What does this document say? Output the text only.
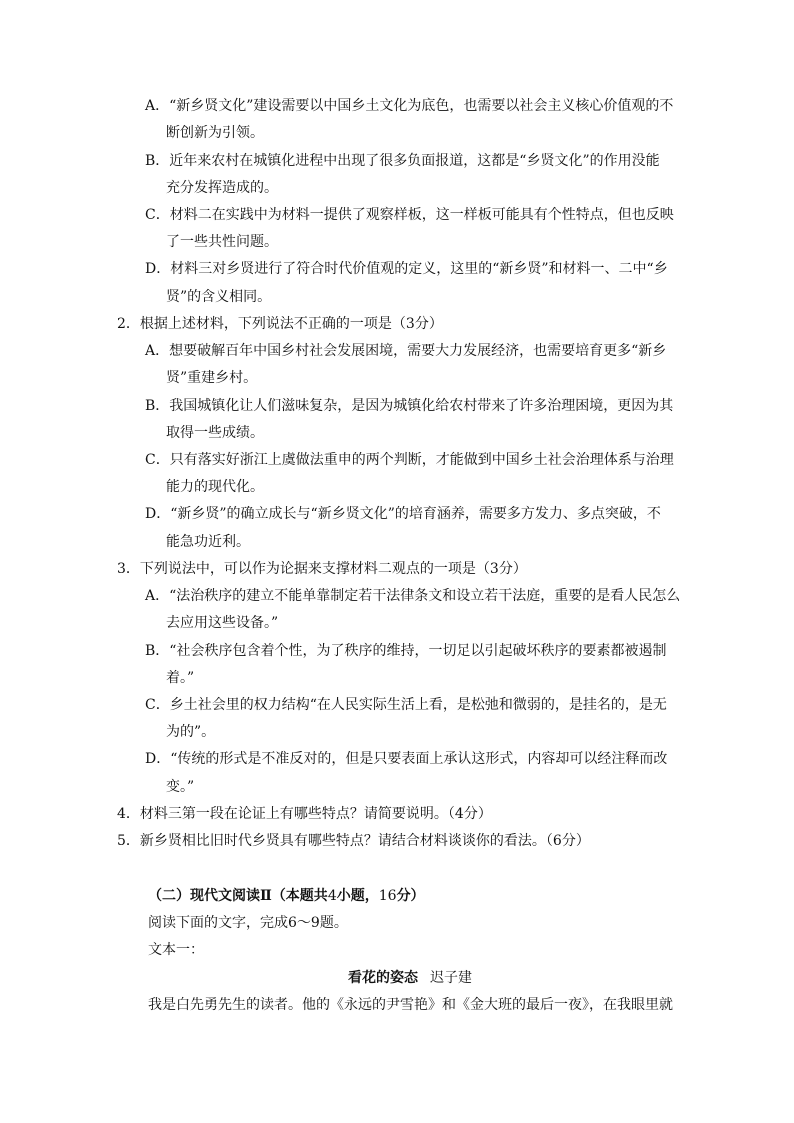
A．“新乡贤文化”建设需要以中国乡土文化为底色，也需要以社会主义核心价值观的不
断创新为引领。
B．近年来农村在城镇化进程中出现了很多负面报道，这都是“乡贤文化”的作用没能
充分发挥造成的。
C．材料二在实践中为材料一提供了观察样板，这一样板可能具有个性特点，但也反映
了一些共性问题。
D．材料三对乡贤进行了符合时代价值观的定义，这里的“新乡贤”和材料一、二中“乡
贤”的含义相同。
2．根据上述材料，下列说法不正确的一项是（3分）
A．想要破解百年中国乡村社会发展困境，需要大力发展经济，也需要培育更多“新乡
贤”重建乡村。
B．我国城镇化让人们滋味复杂，是因为城镇化给农村带来了许多治理困境，更因为其
取得一些成绩。
C．只有落实好浙江上虞做法重申的两个判断，才能做到中国乡土社会治理体系与治理
能力的现代化。
D．“新乡贤”的确立成长与“新乡贤文化”的培育涵养，需要多方发力、多点突破，不
能急功近利。
3．下列说法中，可以作为论据来支撑材料二观点的一项是（3分）
A．“法治秩序的建立不能单靠制定若干法律条文和设立若干法庭，重要的是看人民怎么
去应用这些设备。”
B．“社会秩序包含着个性，为了秩序的维持，一切足以引起破坏秩序的要素都被遏制
着。”
C．乡土社会里的权力结构“在人民实际生活上看，是松弛和微弱的，是挂名的，是无
为的”。
D．“传统的形式是不准反对的，但是只要表面上承认这形式，内容却可以经注释而改
变。”
4．材料三第一段在论证上有哪些特点？请简要说明。（4分）
5．新乡贤相比旧时代乡贤具有哪些特点？请结合材料谈谈你的看法。（6分）
阅读下面的文字，完成6～9题。
文本一：
我是白先勇先生的读者。他的《永远的尹雪艳》和《金大班的最后一夜》，在我眼里就
（二）现代文阅读Ⅱ（本题共4小题，16分）
看花的姿态 迟子建
